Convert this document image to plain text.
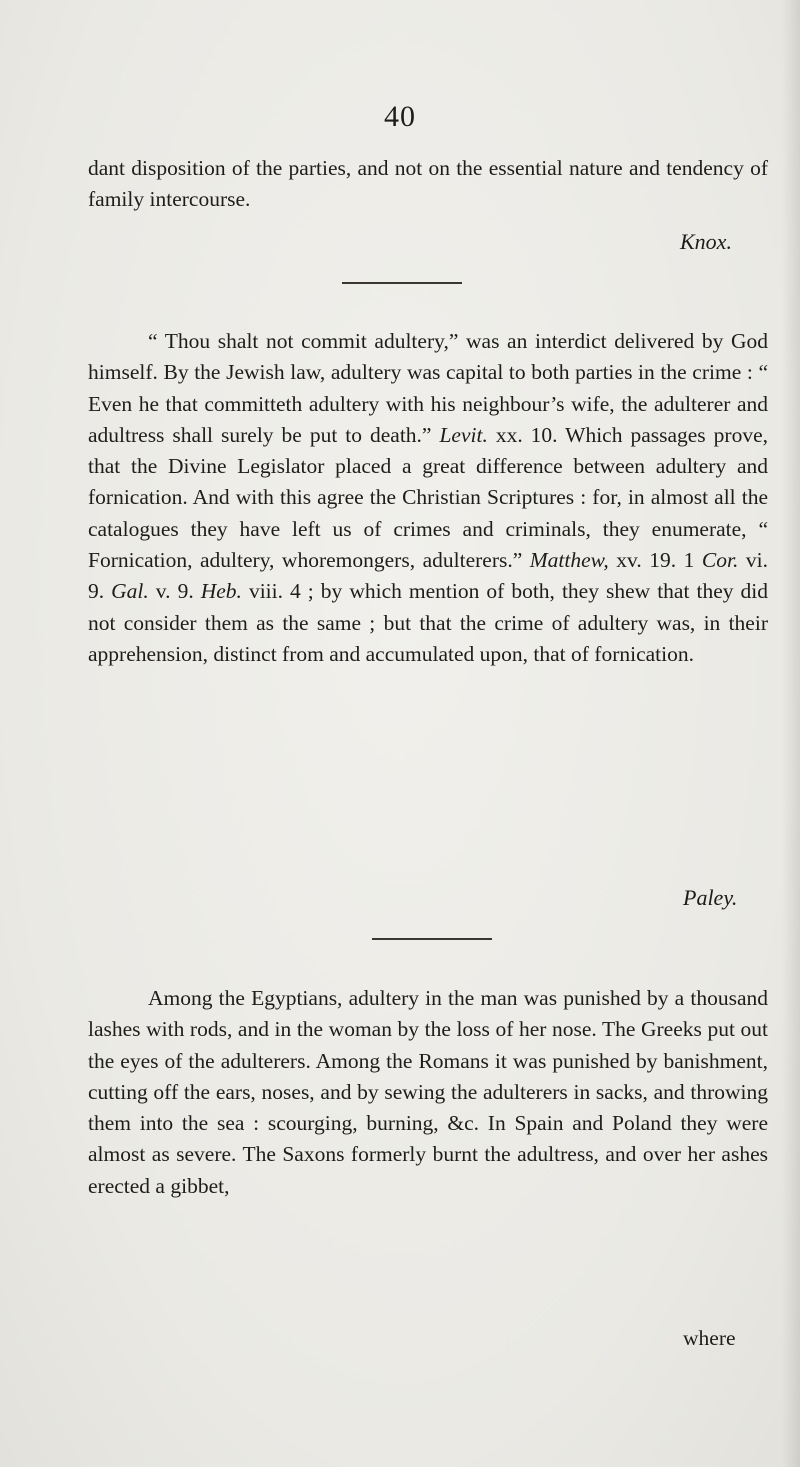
40

dant disposition of the parties, and not on the essential nature and tendency of family intercourse.

Knox.

“ Thou shalt not commit adultery,” was an interdict delivered by God himself. By the Jewish law, adultery was capital to both parties in the crime : “ Even he that committeth adultery with his neighbour’s wife, the adulterer and adultress shall surely be put to death.” Levit. xx. 10. Which passages prove, that the Divine Legislator placed a great difference between adultery and fornication. And with this agree the Christian Scriptures : for, in almost all the catalogues they have left us of crimes and criminals, they enumerate, “ Fornication, adultery, whoremongers, adulterers.” Matthew, xv. 19. 1 Cor. vi. 9. Gal. v. 9. Heb. viii. 4 ; by which mention of both, they shew that they did not consider them as the same ; but that the crime of adultery was, in their apprehension, distinct from and accumulated upon, that of fornication.

Paley.

Among the Egyptians, adultery in the man was punished by a thousand lashes with rods, and in the woman by the loss of her nose. The Greeks put out the eyes of the adulterers. Among the Romans it was punished by banishment, cutting off the ears, noses, and by sewing the adulterers in sacks, and throwing them into the sea : scourging, burning, &c. In Spain and Poland they were almost as severe. The Saxons formerly burnt the adultress, and over her ashes erected a gibbet,

where
